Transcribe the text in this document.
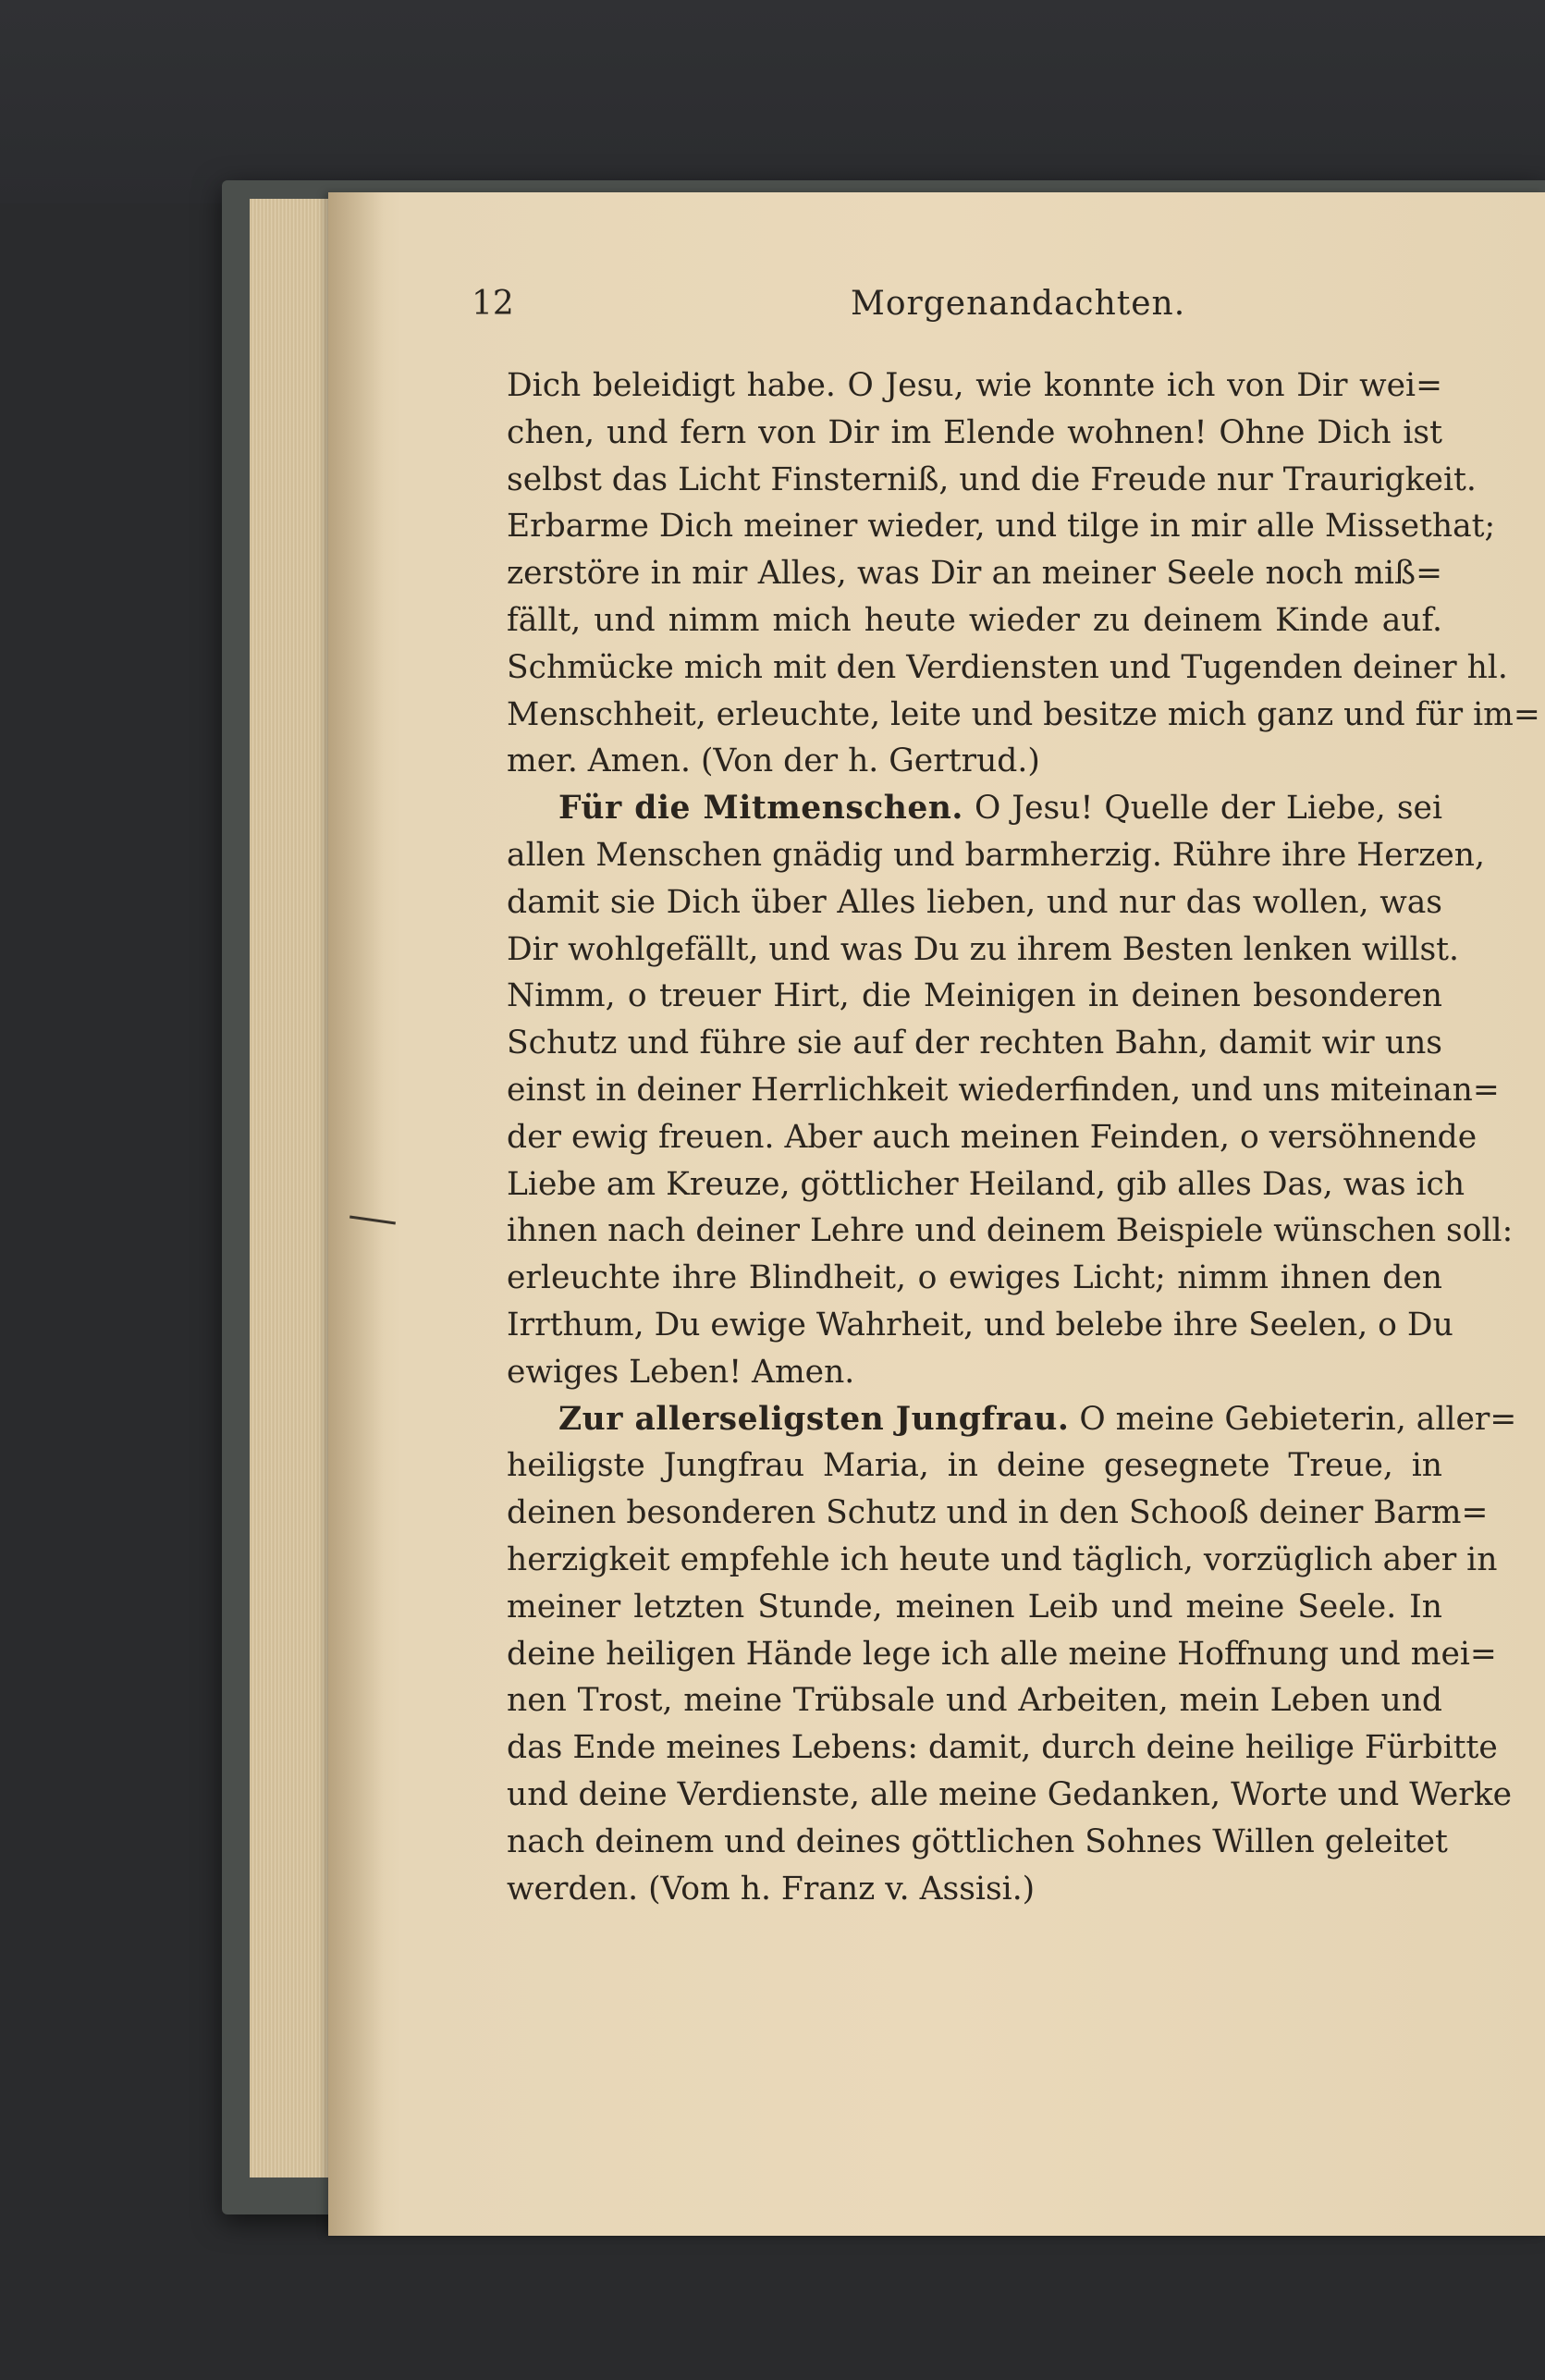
12	Morgenandachten.
Dich beleidigt habe. O Jesu, wie konnte ich von Dir wei=
chen, und fern von Dir im Elende wohnen! Ohne Dich ist
selbst das Licht Finsterniß, und die Freude nur Traurigkeit.
Erbarme Dich meiner wieder, und tilge in mir alle Missethat;
zerstöre in mir Alles, was Dir an meiner Seele noch miß=
fällt, und nimm mich heute wieder zu deinem Kinde auf.
Schmücke mich mit den Verdiensten und Tugenden deiner hl.
Menschheit, erleuchte, leite und besitze mich ganz und für im=
mer. Amen. (Von der h. Gertrud.)
Für die Mitmenschen. O Jesu! Quelle der Liebe, sei
allen Menschen gnädig und barmherzig. Rühre ihre Herzen,
damit sie Dich über Alles lieben, und nur das wollen, was
Dir wohlgefällt, und was Du zu ihrem Besten lenken willst.
Nimm, o treuer Hirt, die Meinigen in deinen besonderen
Schutz und führe sie auf der rechten Bahn, damit wir uns
einst in deiner Herrlichkeit wiederfinden, und uns miteinan=
der ewig freuen. Aber auch meinen Feinden, o versöhnende
Liebe am Kreuze, göttlicher Heiland, gib alles Das, was ich
ihnen nach deiner Lehre und deinem Beispiele wünschen soll:
erleuchte ihre Blindheit, o ewiges Licht; nimm ihnen den
Irrthum, Du ewige Wahrheit, und belebe ihre Seelen, o Du
ewiges Leben! Amen.
Zur allerseligsten Jungfrau. O meine Gebieterin, aller=
heiligste Jungfrau Maria, in deine gesegnete Treue, in
deinen besonderen Schutz und in den Schooß deiner Barm=
herzigkeit empfehle ich heute und täglich, vorzüglich aber in
meiner letzten Stunde, meinen Leib und meine Seele. In
deine heiligen Hände lege ich alle meine Hoffnung und mei=
nen Trost, meine Trübsale und Arbeiten, mein Leben und
das Ende meines Lebens: damit, durch deine heilige Fürbitte
und deine Verdienste, alle meine Gedanken, Worte und Werke
nach deinem und deines göttlichen Sohnes Willen geleitet
werden. (Vom h. Franz v. Assisi.)
